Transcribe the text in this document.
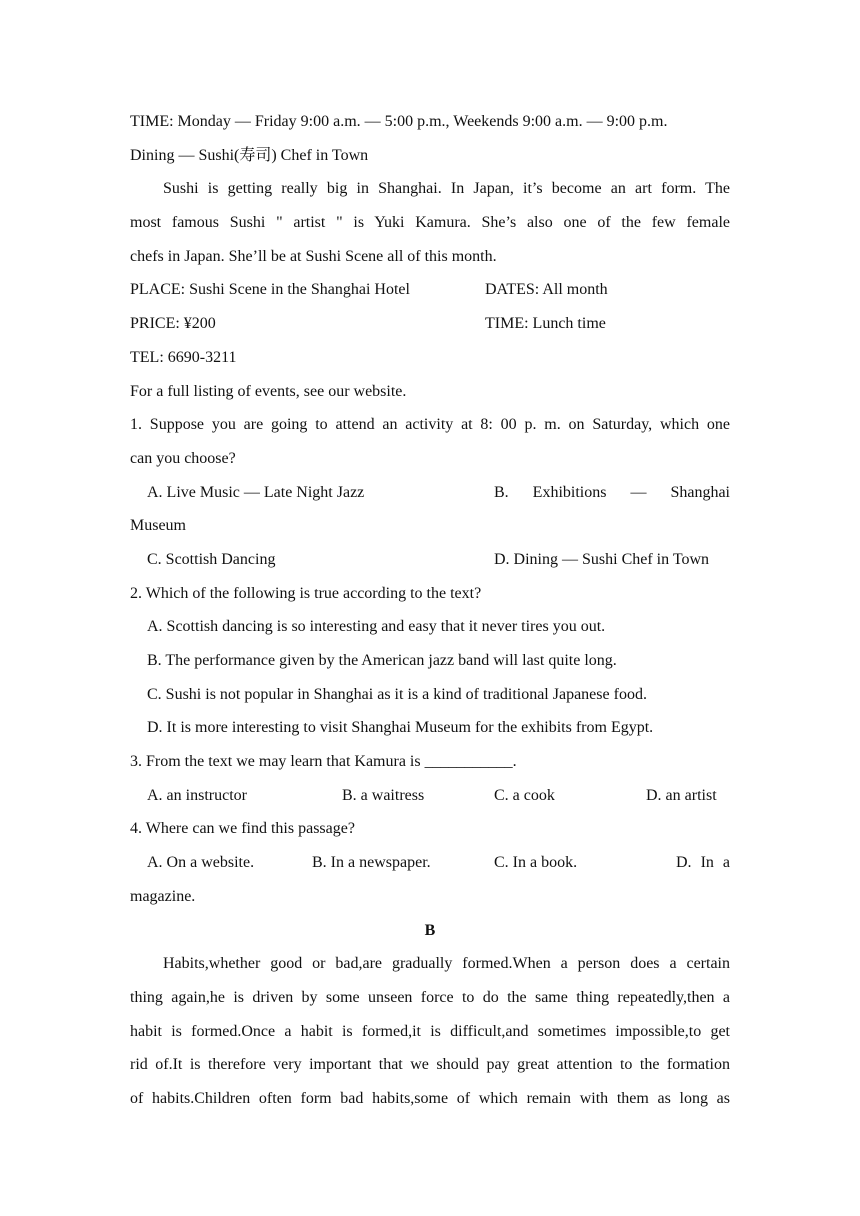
TIME: Monday — Friday 9:00 a.m. — 5:00 p.m., Weekends 9:00 a.m. — 9:00 p.m.
Dining — Sushi(寿司) Chef in Town
Sushi is getting really big in Shanghai. In Japan, it’s become an art form. The
most famous Sushi " artist " is Yuki Kamura. She’s also one of the few female
chefs in Japan. She’ll be at Sushi Scene all of this month.
PLACE: Sushi Scene in the Shanghai Hotel	DATES: All month
PRICE: ¥200	TIME: Lunch time
TEL: 6690-3211
For a full listing of events, see our website.
1. Suppose you are going to attend an activity at 8: 00 p. m. on Saturday, which one
can you choose?
A. Live Music — Late Night Jazz	B. Exhibitions — Shanghai
Museum
C. Scottish Dancing	D. Dining — Sushi Chef in Town
2. Which of the following is true according to the text?
A. Scottish dancing is so interesting and easy that it never tires you out.
B. The performance given by the American jazz band will last quite long.
C. Sushi is not popular in Shanghai as it is a kind of traditional Japanese food.
D. It is more interesting to visit Shanghai Museum for the exhibits from Egypt.
3. From the text we may learn that Kamura is ___________.
A. an instructor	B. a waitress	C. a cook	D. an artist
4. Where can we find this passage?
A. On a website.	B. In a newspaper.	C. In a book.	D. In a
magazine.
B
Habits,whether good or bad,are gradually formed.When a person does a certain
thing again,he is driven by some unseen force to do the same thing repeatedly,then a
habit is formed.Once a habit is formed,it is difficult,and sometimes impossible,to get
rid of.It is therefore very important that we should pay great attention to the formation
of habits.Children often form bad habits,some of which remain with them as long as
